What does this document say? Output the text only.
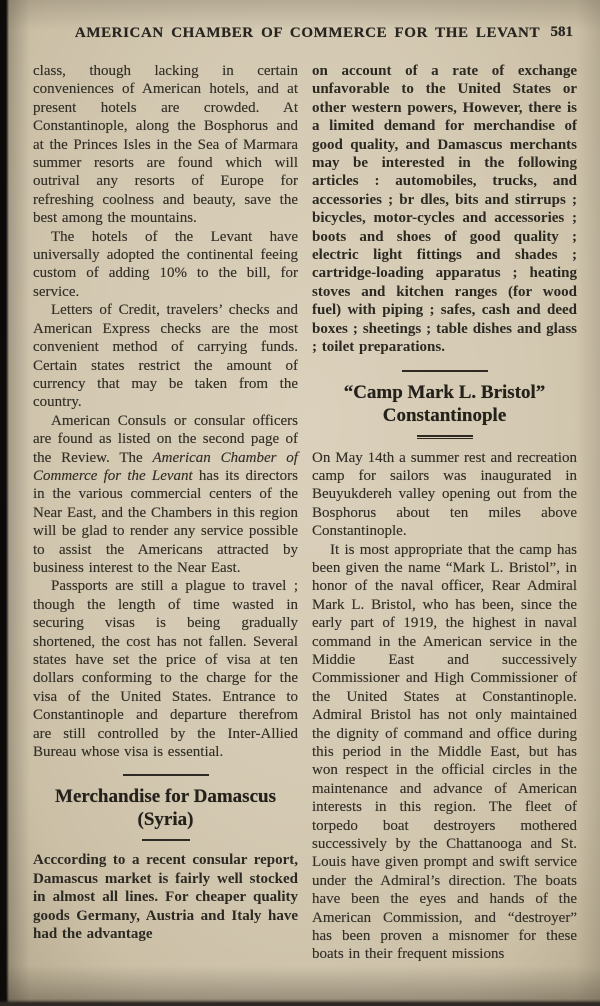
AMERICAN CHAMBER OF COMMERCE FOR THE LEVANT 581

class, though lacking in certain conveniences of American hotels, and at present hotels are crowded. At Constantinople, along the Bosphorus and at the Princes Isles in the Sea of Marmara summer resorts are found which will outrival any resorts of Europe for refreshing coolness and beauty, save the best among the mountains.

The hotels of the Levant have universally adopted the continental feeing custom of adding 10% to the bill, for service.

Letters of Credit, travelers’ checks and American Express checks are the most convenient method of carrying funds. Certain states restrict the amount of currency that may be taken from the country.

American Consuls or consular officers are found as listed on the second page of the Review. The American Chamber of Commerce for the Levant has its directors in the various commercial centers of the Near East, and the Chambers in this region will be glad to render any service possible to assist the Americans attracted by business interest to the Near East.

Passports are still a plague to travel ; though the length of time wasted in securing visas is being gradually shortened, the cost has not fallen. Several states have set the price of visa at ten dollars conforming to the charge for the visa of the United States. Entrance to Constantinople and departure therefrom are still controlled by the Inter-Allied Bureau whose visa is essential.

Merchandise for Damascus (Syria)

Acccording to a recent consular report, Damascus market is fairly well stocked in almost all lines. For cheaper quality goods Germany, Austria and Italy have had the advantage

on account of a rate of exchange unfavorable to the United States or other western powers, However, there is a limited demand for merchandise of good quality, and Damascus merchants may be interested in the following articles : automobiles, trucks, and accessories ; br dles, bits and stirrups ; bicycles, motor-cycles and accessories ; boots and shoes of good quality ; electric light fittings and shades ; cartridge-loading apparatus ; heating stoves and kitchen ranges (for wood fuel) with piping ; safes, cash and deed boxes ; sheetings ; table dishes and glass ; toilet preparations.

“Camp Mark L. Bristol” Constantinople

On May 14th a summer rest and recreation camp for sailors was inaugurated in Beuyukdereh valley opening out from the Bosphorus about ten miles above Constantinople.

It is most appropriate that the camp has been given the name “Mark L. Bristol”, in honor of the naval officer, Rear Admiral Mark L. Bristol, who has been, since the early part of 1919, the highest in naval command in the American service in the Middie East and successively Commissioner and High Commissioner of the United States at Constantinople. Admiral Bristol has not only maintained the dignity of command and office during this period in the Middle East, but has won respect in the official circles in the maintenance and advance of American interests in this region. The fleet of torpedo boat destroyers mothered successively by the Chattanooga and St. Louis have given prompt and swift service under the Admiral’s direction. The boats have been the eyes and hands of the American Commission, and “destroyer” has been proven a misnomer for these boats in their frequent missions
